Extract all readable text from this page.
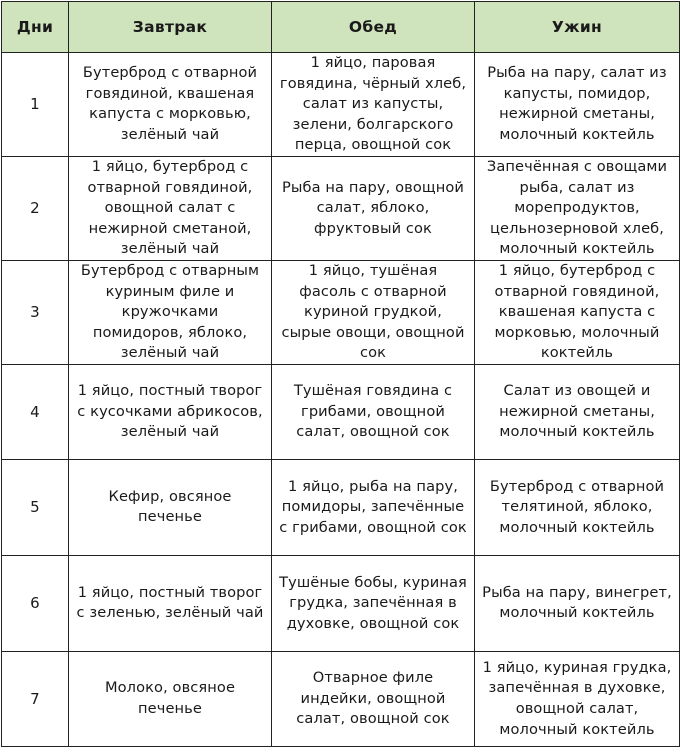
Дни	Завтрак	Обед	Ужин
1	Бутерброд с отварной говядиной, квашеная капуста с морковью, зелёный чай	1 яйцо, паровая говядина, чёрный хлеб, салат из капусты, зелени, болгарского перца, овощной сок	Рыба на пару, салат из капусты, помидор, нежирной сметаны, молочный коктейль
2	1 яйцо, бутерброд с отварной говядиной, овощной салат с нежирной сметаной, зелёный чай	Рыба на пару, овощной салат, яблоко, фруктовый сок	Запечённая с овощами рыба, салат из морепродуктов, цельнозерновой хлеб, молочный коктейль
3	Бутерброд с отварным куриным филе и кружочками помидоров, яблоко, зелёный чай	1 яйцо, тушёная фасоль с отварной куриной грудкой, сырые овощи, овощной сок	1 яйцо, бутерброд с отварной говядиной, квашеная капуста с морковью, молочный коктейль
4	1 яйцо, постный творог с кусочками абрикосов, зелёный чай	Тушёная говядина с грибами, овощной салат, овощной сок	Салат из овощей и нежирной сметаны, молочный коктейль
5	Кефир, овсяное печенье	1 яйцо, рыба на пару, помидоры, запечённые с грибами, овощной сок	Бутерброд с отварной телятиной, яблоко, молочный коктейль
6	1 яйцо, постный творог с зеленью, зелёный чай	Тушёные бобы, куриная грудка, запечённая в духовке, овощной сок	Рыба на пару, винегрет, молочный коктейль
7	Молоко, овсяное печенье	Отварное филе индейки, овощной салат, овощной сок	1 яйцо, куриная грудка, запечённая в духовке, овощной салат, молочный коктейль
